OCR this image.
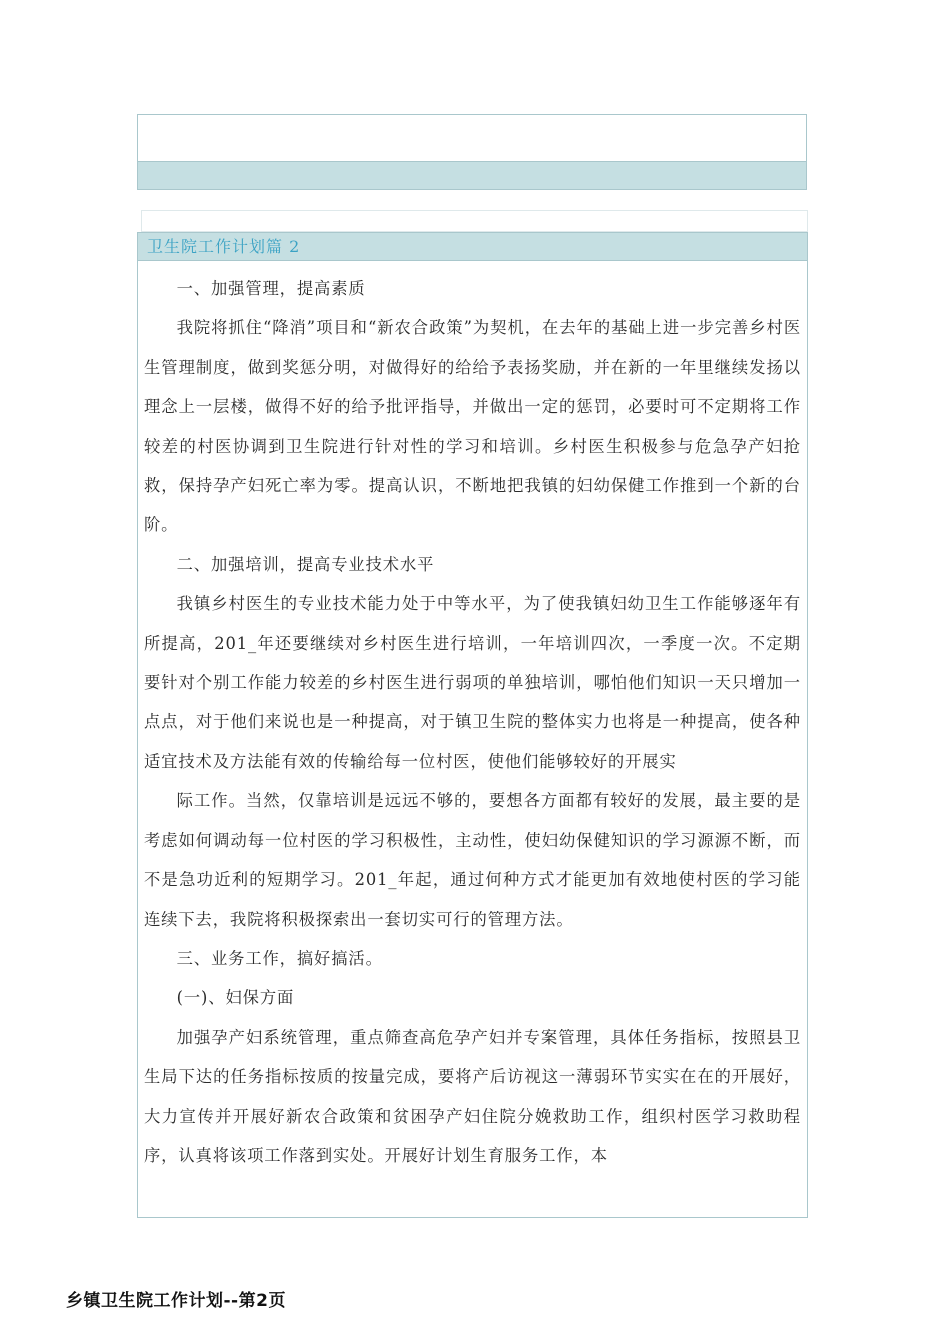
卫生院工作计划篇 2

一、加强管理，提高素质

我院将抓住“降消”项目和“新农合政策”为契机，在去年的基础上进一步完善乡村医生管理制度，做到奖惩分明，对做得好的给给予表扬奖励，并在新的一年里继续发扬以理念上一层楼，做得不好的给予批评指导，并做出一定的惩罚，必要时可不定期将工作较差的村医协调到卫生院进行针对性的学习和培训。乡村医生积极参与危急孕产妇抢救，保持孕产妇死亡率为零。提高认识，不断地把我镇的妇幼保健工作推到一个新的台阶。

二、加强培训，提高专业技术水平

我镇乡村医生的专业技术能力处于中等水平，为了使我镇妇幼卫生工作能够逐年有所提高，201_年还要继续对乡村医生进行培训，一年培训四次，一季度一次。不定期要针对个别工作能力较差的乡村医生进行弱项的单独培训，哪怕他们知识一天只增加一点点，对于他们来说也是一种提高，对于镇卫生院的整体实力也将是一种提高，使各种适宜技术及方法能有效的传输给每一位村医，使他们能够较好的开展实

际工作。当然，仅靠培训是远远不够的，要想各方面都有较好的发展，最主要的是考虑如何调动每一位村医的学习积极性，主动性，使妇幼保健知识的学习源源不断，而不是急功近利的短期学习。201_年起，通过何种方式才能更加有效地使村医的学习能连续下去，我院将积极探索出一套切实可行的管理方法。

三、业务工作，搞好搞活。

(一)、妇保方面

加强孕产妇系统管理，重点筛查高危孕产妇并专案管理，具体任务指标，按照县卫生局下达的任务指标按质的按量完成，要将产后访视这一薄弱环节实实在在的开展好，大力宣传并开展好新农合政策和贫困孕产妇住院分娩救助工作，组织村医学习救助程序，认真将该项工作落到实处。开展好计划生育服务工作，本

乡镇卫生院工作计划--第2页
